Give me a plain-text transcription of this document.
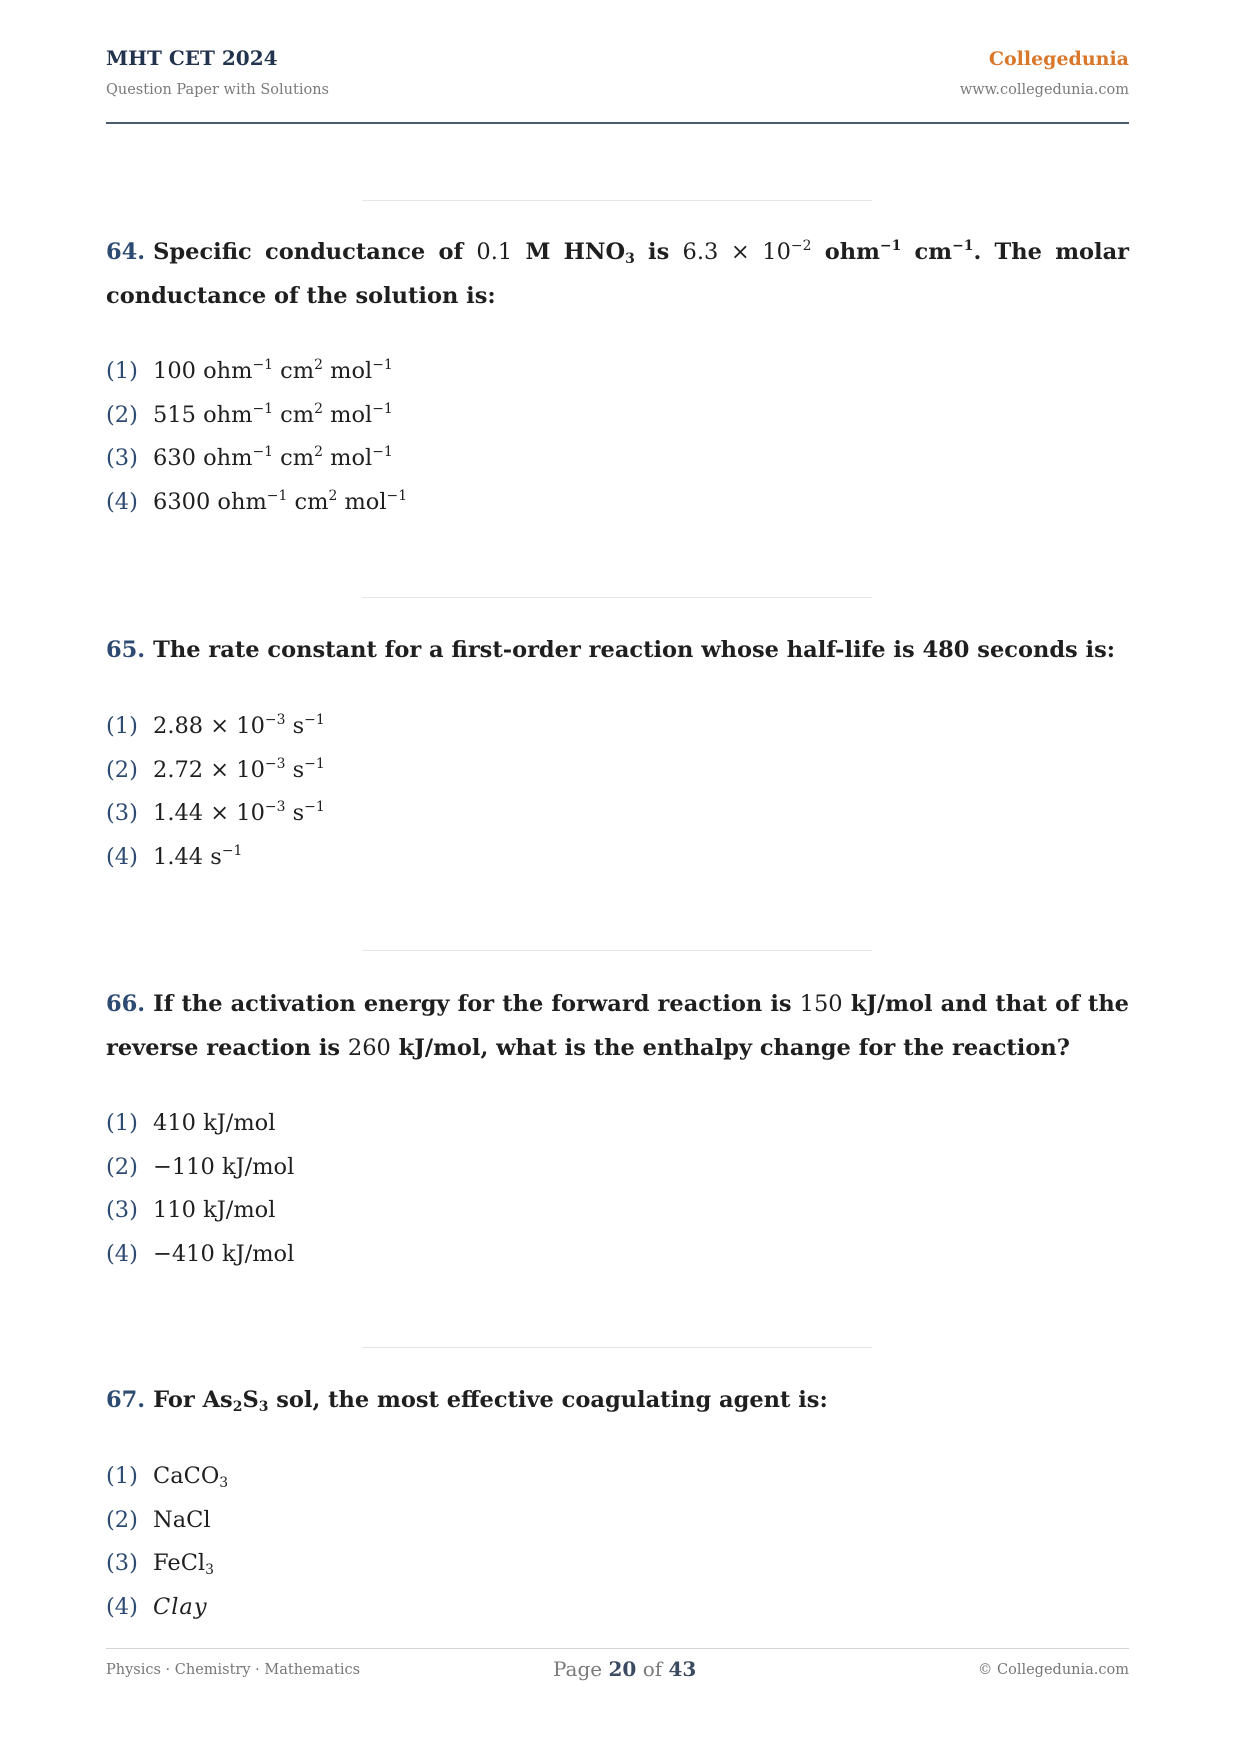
MHT CET 2024
Question Paper with Solutions
Collegedunia
www.collegedunia.com
64. Specific conductance of 0.1 M $HNO_3$ is $6.3 \times 10^{-2}$ ohm$^{-1}$ $cm^{-1}$. The molar conductance of the solution is:
(1) 100 ohm$^{-1}$ $cm^2$ mol$^{-1}$
(2) 515 ohm$^{-1}$ $cm^2$ mol$^{-1}$
(3) 630 ohm$^{-1}$ $cm^2$ mol$^{-1}$
(4) 6300 ohm$^{-1}$ $cm^2$ mol$^{-1}$
65. The rate constant for a first-order reaction whose half-life is 480 seconds is:
(1) $2.88 \times 10^{-3}$ $s^{-1}$
(2) $2.72 \times 10^{-3}$ $s^{-1}$
(3) $1.44 \times 10^{-3}$ $s^{-1}$
(4) 1.44 $s^{-1}$
66. If the activation energy for the forward reaction is 150 kJ/mol and that of the reverse reaction is 260 kJ/mol, what is the enthalpy change for the reaction?
(1) 410 kJ/mol
(2) −110 kJ/mol
(3) 110 kJ/mol
(4) −410 kJ/mol
67. For $As_2S_3$ sol, the most effective coagulating agent is:
(1) CaCO$_3$
(2) NaCl
(3) FeCl$_3$
(4) Clay
Physics · Chemistry · Mathematics	Page 20 of 43	© Collegedunia.com
